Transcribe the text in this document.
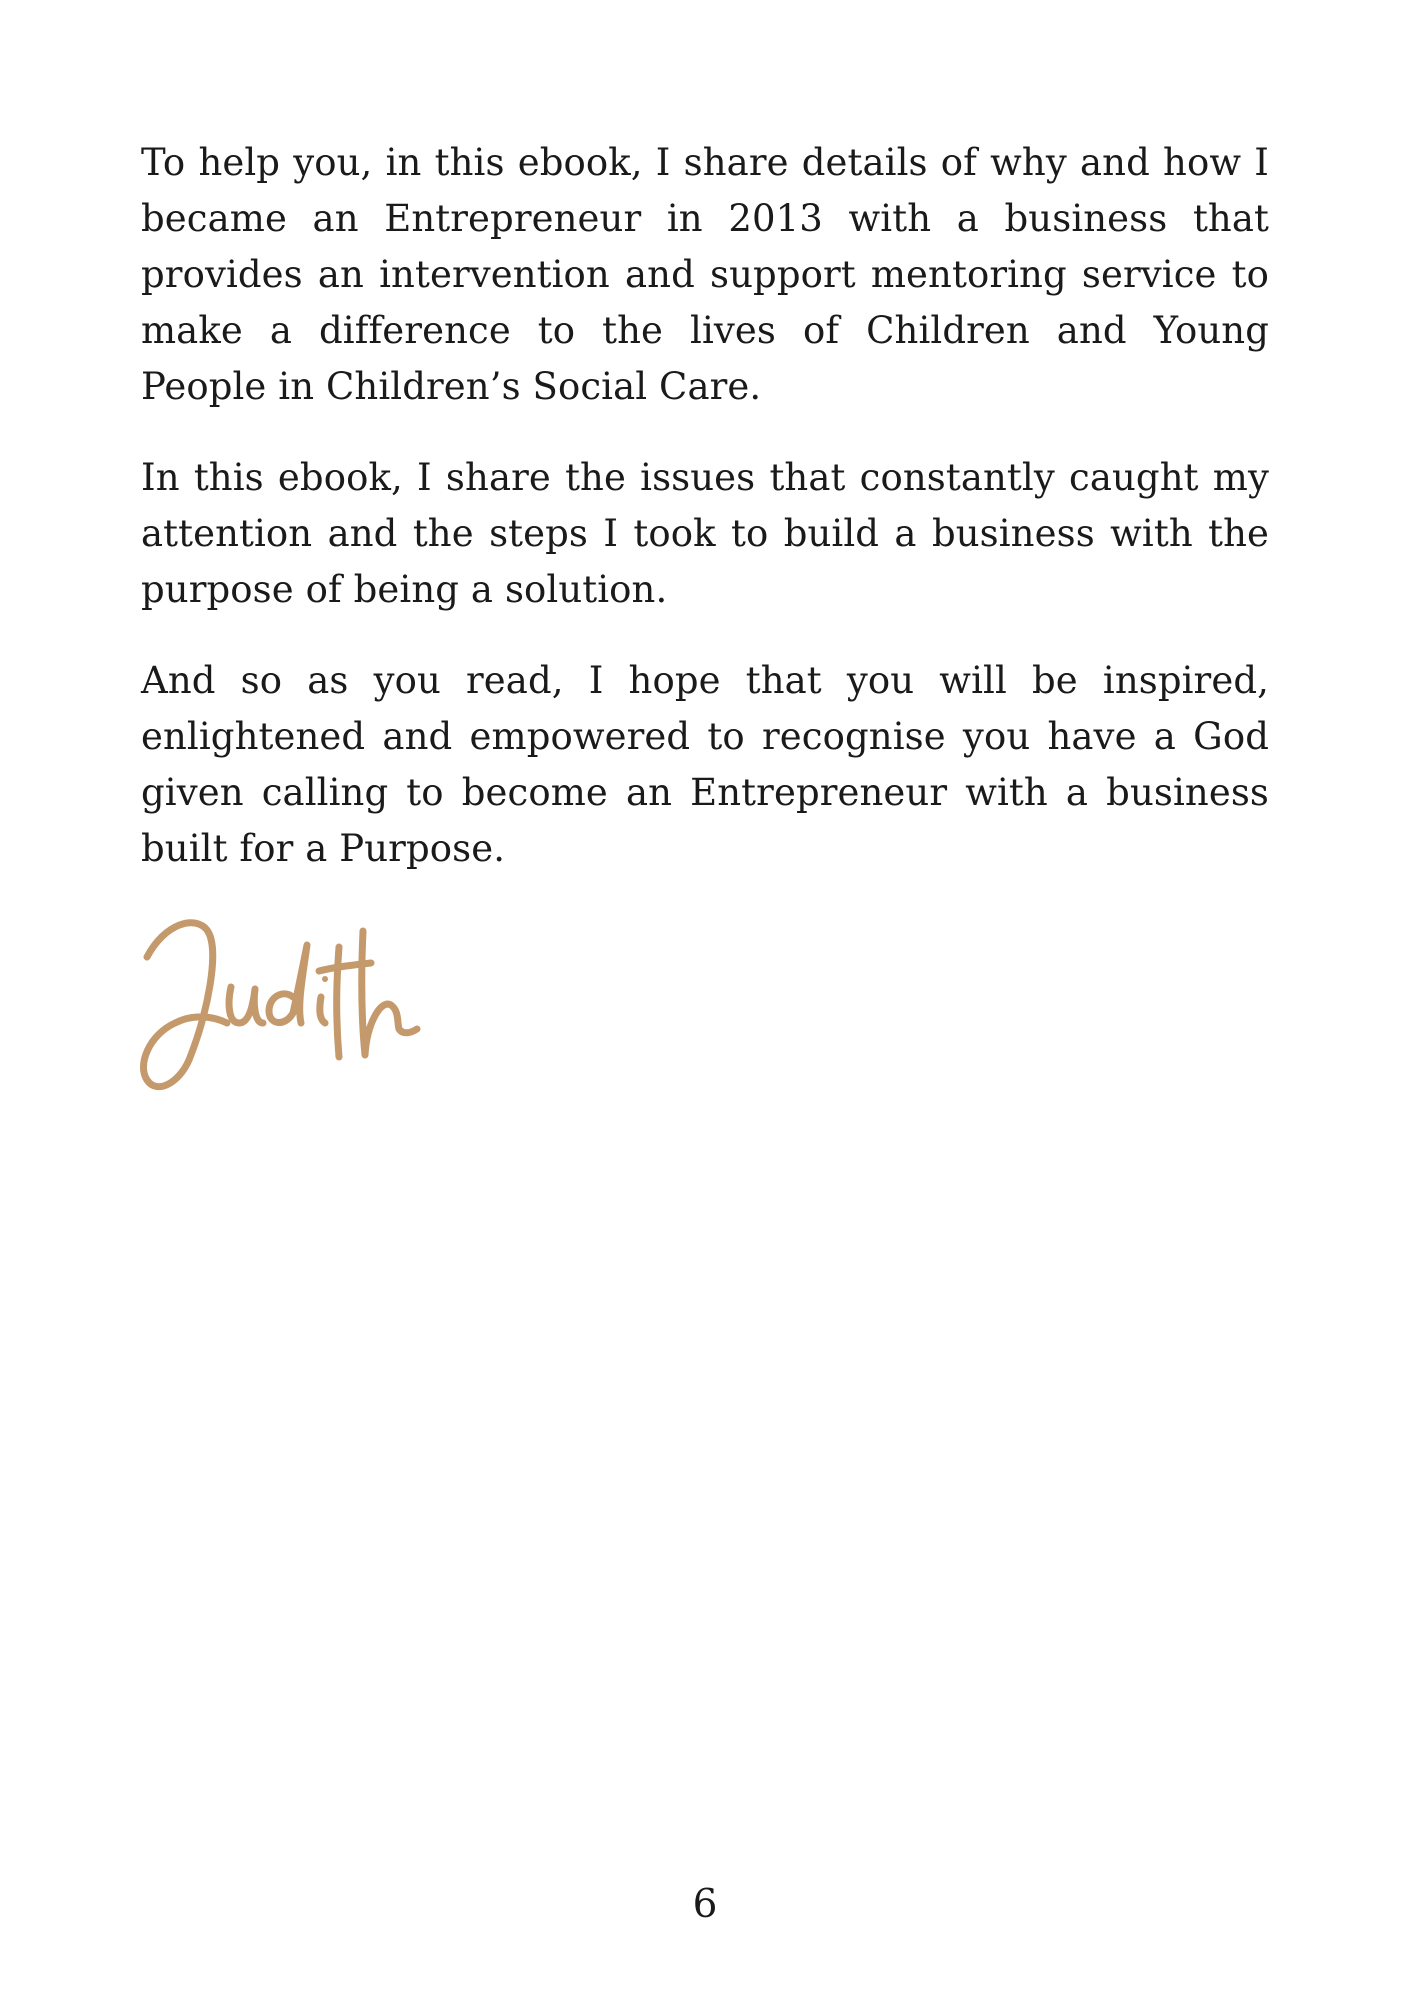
To help you, in this ebook, I share details of why and how I became an Entrepreneur in 2013 with a business that provides an intervention and support mentoring service to make a difference to the lives of Children and Young People in Children’s Social Care.

In this ebook, I share the issues that constantly caught my attention and the steps I took to build a business with the purpose of being a solution.

And so as you read, I hope that you will be inspired, enlightened and empowered to recognise you have a God given calling to become an Entrepreneur with a business built for a Purpose.

6
